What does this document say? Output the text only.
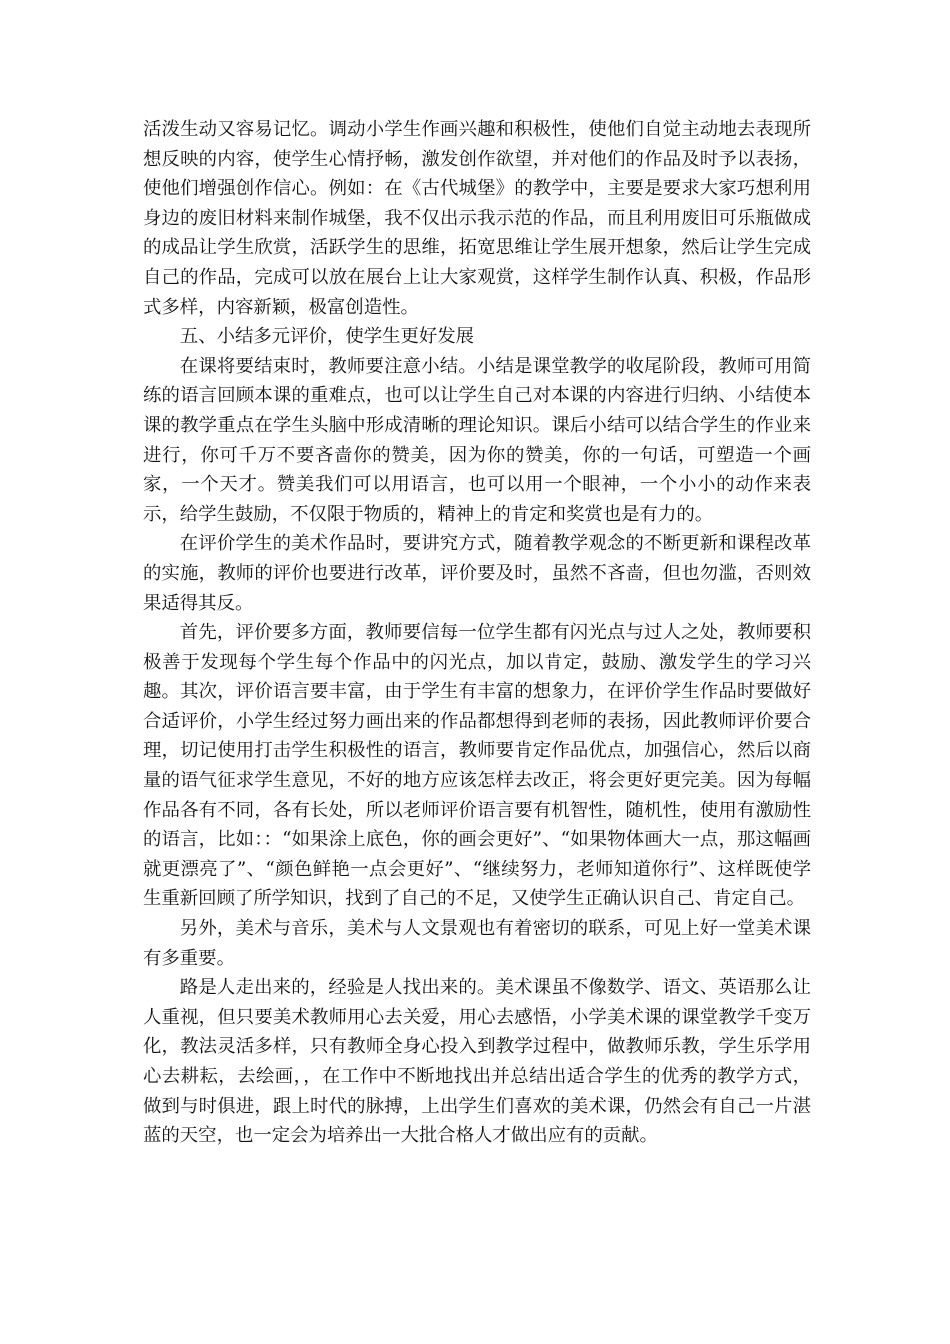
活泼生动又容易记忆。调动小学生作画兴趣和积极性，使他们自觉主动地去表现所想反映的内容，使学生心情抒畅，激发创作欲望，并对他们的作品及时予以表扬，使他们增强创作信心。例如：在《古代城堡》的教学中，主要是要求大家巧想利用身边的废旧材料来制作城堡，我不仅出示我示范的作品，而且利用废旧可乐瓶做成的成品让学生欣赏，活跃学生的思维，拓宽思维让学生展开想象，然后让学生完成自己的作品，完成可以放在展台上让大家观赏，这样学生制作认真、积极，作品形式多样，内容新颖，极富创造性。

五、小结多元评价，使学生更好发展

在课将要结束时，教师要注意小结。小结是课堂教学的收尾阶段，教师可用简练的语言回顾本课的重难点，也可以让学生自己对本课的内容进行归纳、小结使本课的教学重点在学生头脑中形成清晰的理论知识。课后小结可以结合学生的作业来进行，你可千万不要吝啬你的赞美，因为你的赞美，你的一句话，可塑造一个画家，一个天才。赞美我们可以用语言，也可以用一个眼神，一个小小的动作来表示，给学生鼓励，不仅限于物质的，精神上的肯定和奖赏也是有力的。

在评价学生的美术作品时，要讲究方式，随着教学观念的不断更新和课程改革的实施，教师的评价也要进行改革，评价要及时，虽然不吝啬，但也勿滥，否则效果适得其反。

首先，评价要多方面，教师要信每一位学生都有闪光点与过人之处，教师要积极善于发现每个学生每个作品中的闪光点，加以肯定，鼓励、激发学生的学习兴趣。其次，评价语言要丰富，由于学生有丰富的想象力，在评价学生作品时要做好合适评价，小学生经过努力画出来的作品都想得到老师的表扬，因此教师评价要合理，切记使用打击学生积极性的语言，教师要肯定作品优点，加强信心，然后以商量的语气征求学生意见，不好的地方应该怎样去改正，将会更好更完美。因为每幅作品各有不同，各有长处，所以老师评价语言要有机智性，随机性，使用有激励性的语言，比如：：“如果涂上底色，你的画会更好”、“如果物体画大一点，那这幅画就更漂亮了”、“颜色鲜艳一点会更好”、“继续努力，老师知道你行”、这样既使学生重新回顾了所学知识，找到了自己的不足，又使学生正确认识自己、肯定自己。

另外，美术与音乐，美术与人文景观也有着密切的联系，可见上好一堂美术课有多重要。

路是人走出来的，经验是人找出来的。美术课虽不像数学、语文、英语那么让人重视，但只要美术教师用心去关爱，用心去感悟，小学美术课的课堂教学千变万化，教法灵活多样，只有教师全身心投入到教学过程中，做教师乐教，学生乐学用心去耕耘，去绘画，，在工作中不断地找出并总结出适合学生的优秀的教学方式，做到与时俱进，跟上时代的脉搏，上出学生们喜欢的美术课，仍然会有自己一片湛蓝的天空，也一定会为培养出一大批合格人才做出应有的贡献。
